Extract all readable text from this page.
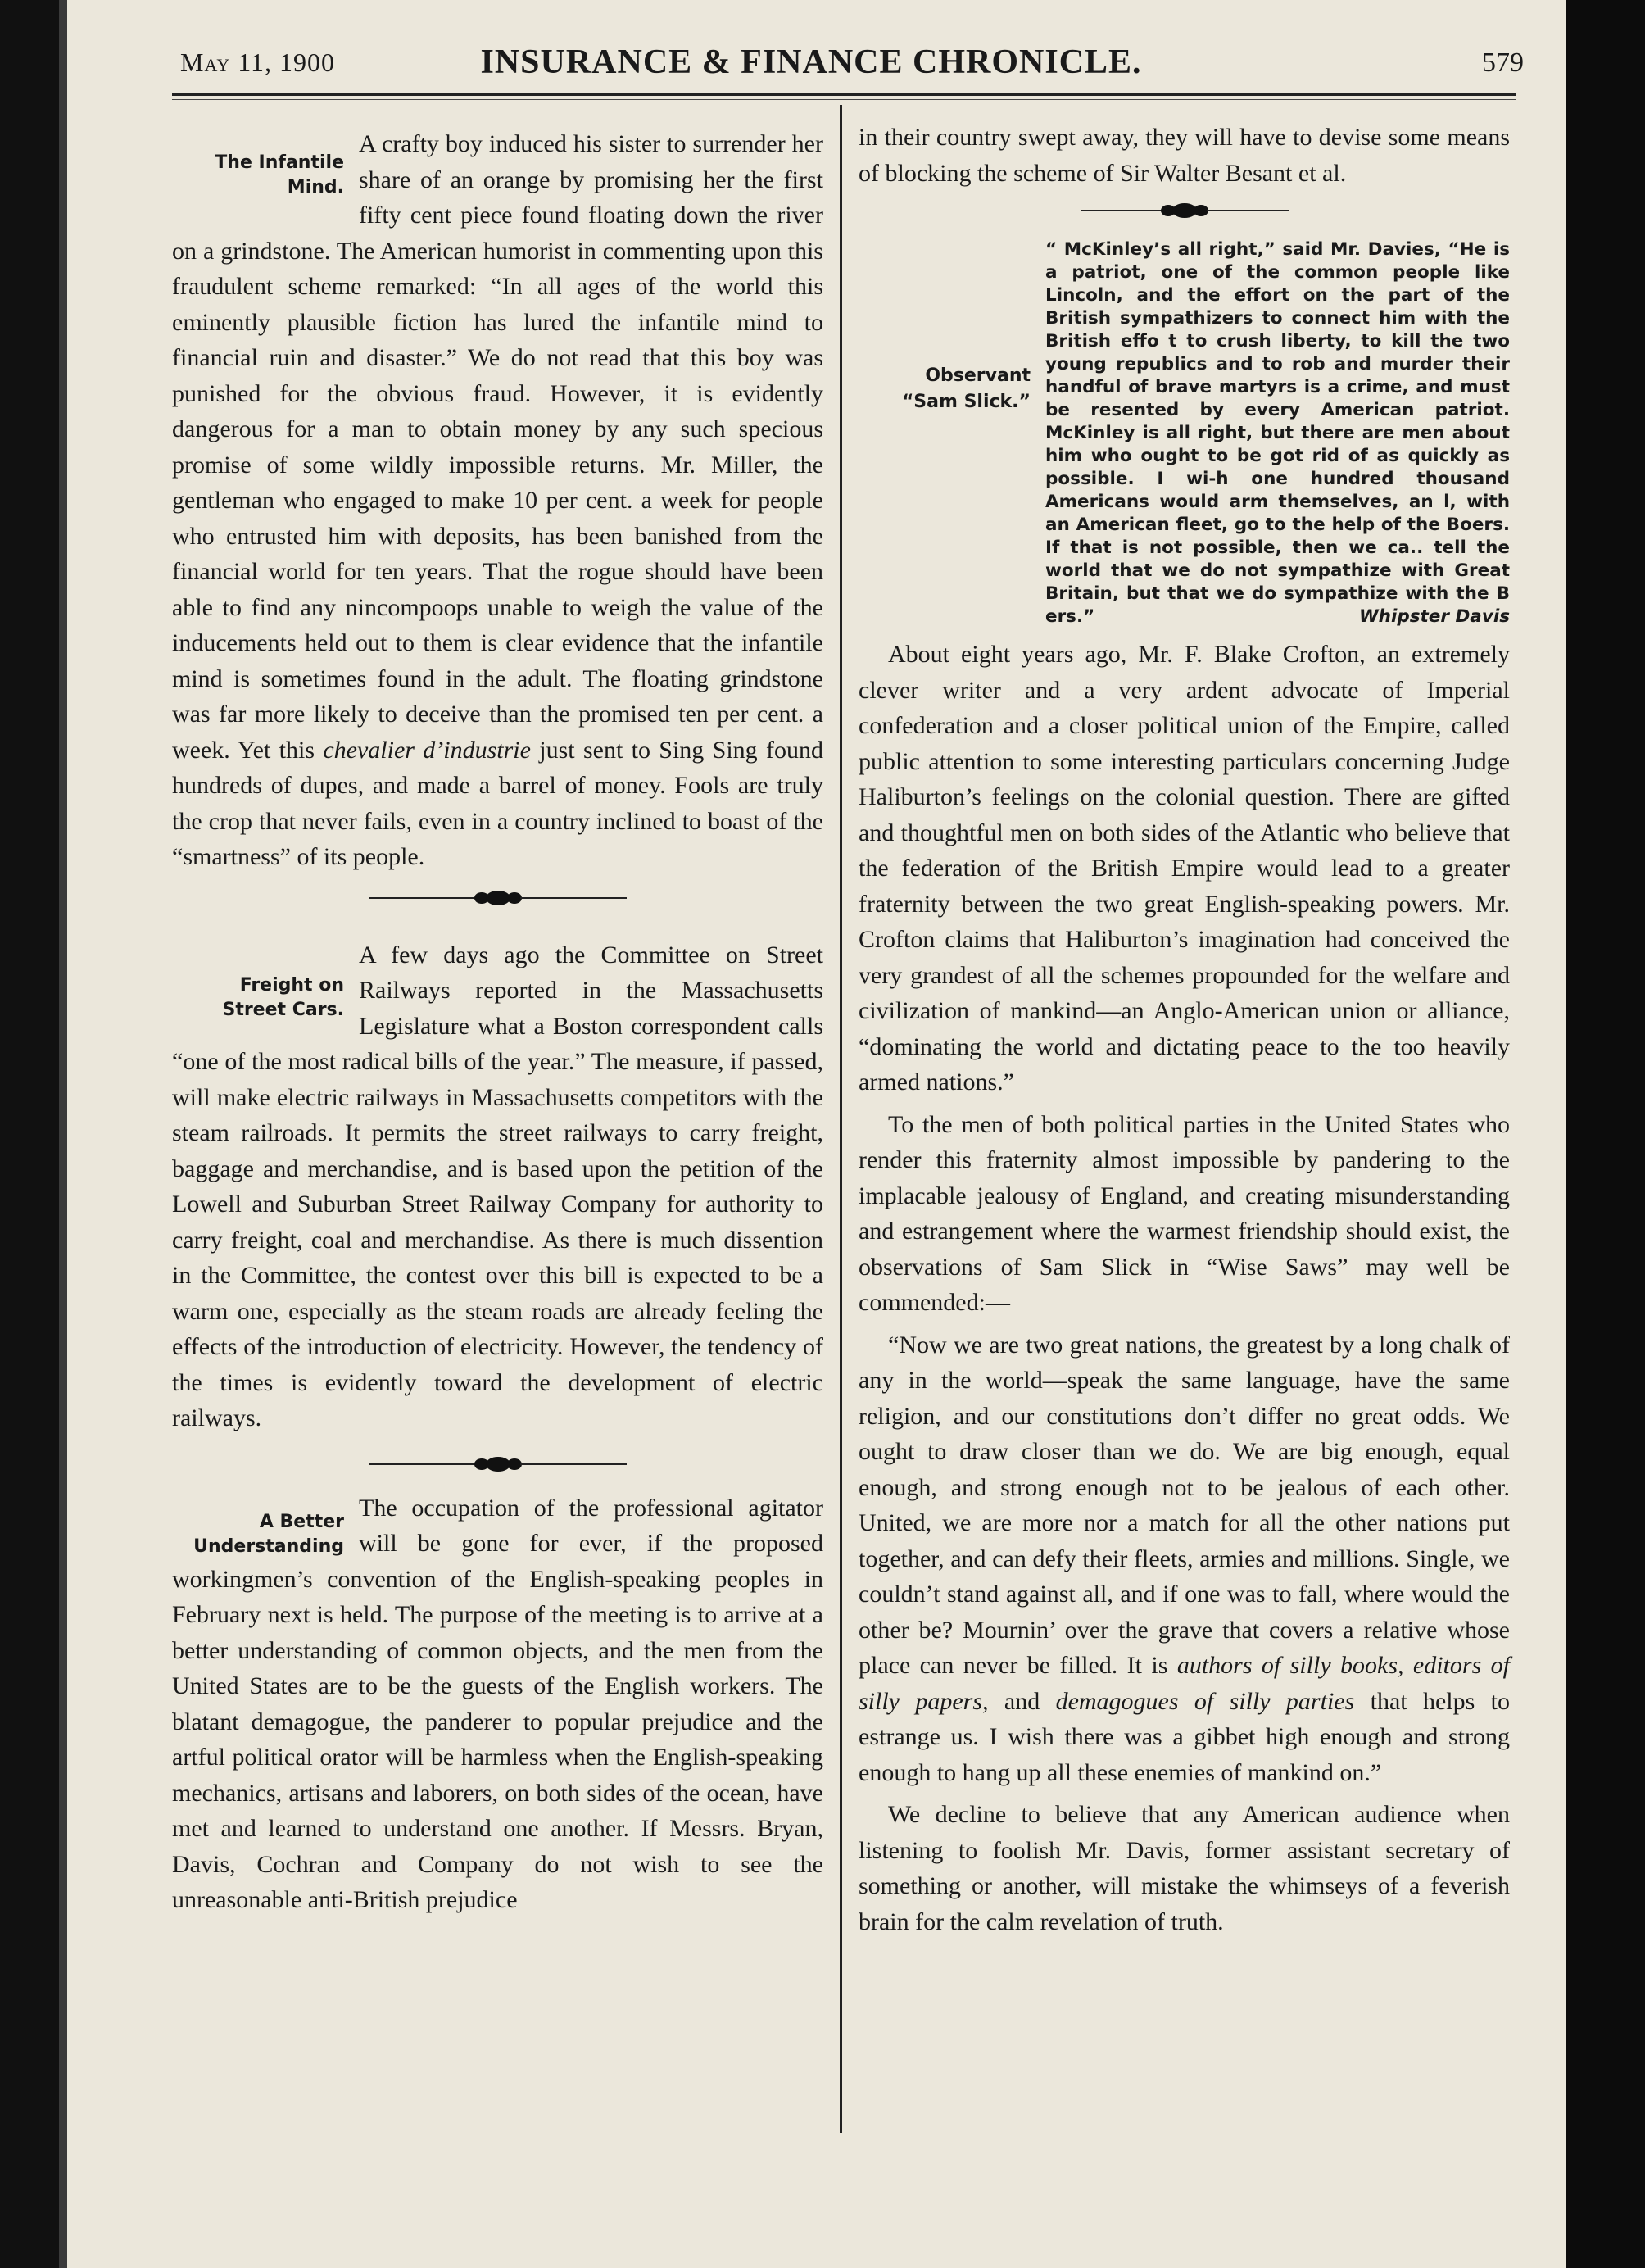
May 11, 1900	INSURANCE & FINANCE CHRONICLE.	579
The Infantile
Mind.

A crafty boy induced his sister to surrender her share of an orange by promising her the first fifty cent piece found floating down the river on a grindstone. The American humorist in commenting upon this fraudulent scheme remarked: “In all ages of the world this eminently plausible fiction has lured the infantile mind to financial ruin and disaster.” We do not read that this boy was punished for the obvious fraud. However, it is evidently dangerous for a man to obtain money by any such specious promise of some wildly impossible returns. Mr. Miller, the gentleman who engaged to make 10 per cent. a week for people who entrusted him with deposits, has been banished from the financial world for ten years. That the rogue should have been able to find any nincompoops unable to weigh the value of the inducements held out to them is clear evidence that the infantile mind is sometimes found in the adult. The floating grindstone was far more likely to deceive than the promised ten per cent. a week. Yet this chevalier d’industrie just sent to Sing Sing found hundreds of dupes, and made a barrel of money. Fools are truly the crop that never fails, even in a country inclined to boast of the “smartness” of its people.

Freight on
Street Cars.

A few days ago the Committee on Street Railways reported in the Massachusetts Legislature what a Boston correspondent calls “one of the most radical bills of the year.” The measure, if passed, will make electric railways in Massachusetts competitors with the steam railroads. It permits the street railways to carry freight, baggage and merchandise, and is based upon the petition of the Lowell and Suburban Street Railway Company for authority to carry freight, coal and merchandise. As there is much dissention in the Committee, the contest over this bill is expected to be a warm one, especially as the steam roads are already feeling the effects of the introduction of electricity. However, the tendency of the times is evidently toward the development of electric railways.

A Better
Understanding

The occupation of the professional agitator will be gone for ever, if the proposed workingmen’s convention of the English-speaking peoples in February next is held. The purpose of the meeting is to arrive at a better understanding of common objects, and the men from the United States are to be the guests of the English workers. The blatant demagogue, the panderer to popular prejudice and the artful political orator will be harmless when the English-speaking mechanics, artisans and laborers, on both sides of the ocean, have met and learned to understand one another. If Messrs. Bryan, Davis, Cochran and Company do not wish to see the unreasonable anti-British prejudice

in their country swept away, they will have to devise some means of blocking the scheme of Sir Walter Besant et al.

Observant
“Sam Slick.”
“ McKinley’s all right,” said Mr. Davies, “He is a patriot, one of the common people like Lincoln, and the effort on the part of the British sympathizers to connect him with the British effo t to crush liberty, to kill the two young republics and to rob and murder their handful of brave martyrs is a crime, and must be resented by every American patriot. McKinley is all right, but there are men about him who ought to be got rid of as quickly as possible. I wi-h one hundred thousand Americans would arm themselves, an l, with an American fleet, go to the help of the Boers. If that is not possible, then we ca.. tell the world that we do not sympathize with Great Britain, but that we do sympathize with the B ers.”	Whipster Davis

About eight years ago, Mr. F. Blake Crofton, an extremely clever writer and a very ardent advocate of Imperial confederation and a closer political union of the Empire, called public attention to some interesting particulars concerning Judge Haliburton’s feelings on the colonial question. There are gifted and thoughtful men on both sides of the Atlantic who believe that the federation of the British Empire would lead to a greater fraternity between the two great English-speaking powers. Mr. Crofton claims that Haliburton’s imagination had conceived the very grandest of all the schemes propounded for the welfare and civilization of mankind—an Anglo-American union or alliance, “dominating the world and dictating peace to the too heavily armed nations.”

To the men of both political parties in the United States who render this fraternity almost impossible by pandering to the implacable jealousy of England, and creating misunderstanding and estrangement where the warmest friendship should exist, the observations of Sam Slick in “Wise Saws” may well be commended:—

“Now we are two great nations, the greatest by a long chalk of any in the world—speak the same language, have the same religion, and our constitutions don’t differ no great odds. We ought to draw closer than we do. We are big enough, equal enough, and strong enough not to be jealous of each other. United, we are more nor a match for all the other nations put together, and can defy their fleets, armies and millions. Single, we couldn’t stand against all, and if one was to fall, where would the other be? Mournin’ over the grave that covers a relative whose place can never be filled. It is authors of silly books, editors of silly papers, and demagogues of silly parties that helps to estrange us. I wish there was a gibbet high enough and strong enough to hang up all these enemies of mankind on.”

We decline to believe that any American audience when listening to foolish Mr. Davis, former assistant secretary of something or another, will mistake the whimseys of a feverish brain for the calm revelation of truth.
